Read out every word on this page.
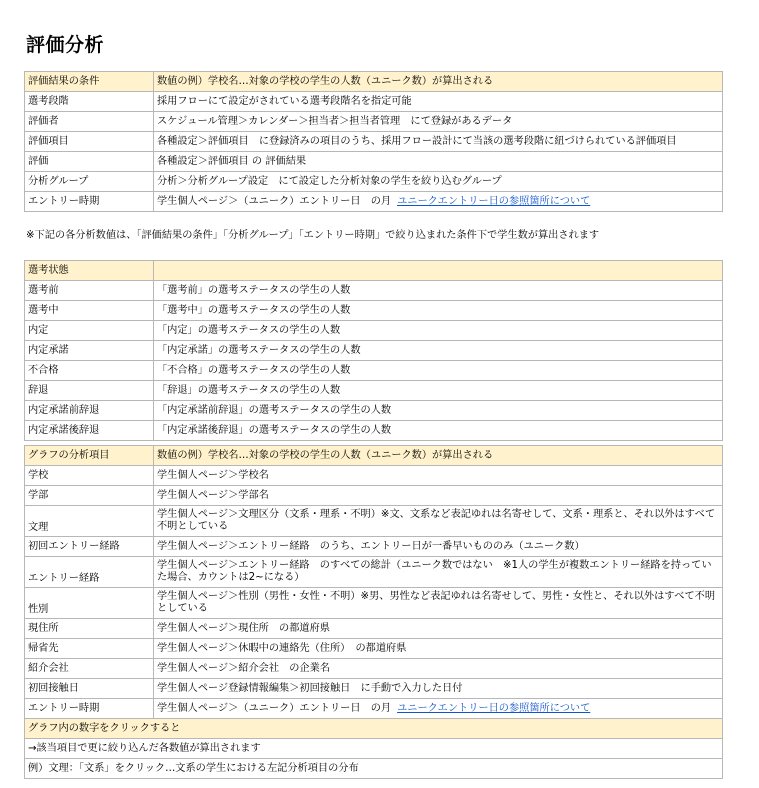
評価分析
評価結果の条件	数値の例）学校名…対象の学校の学生の人数（ユニーク数）が算出される
選考段階	採用フローにて設定がされている選考段階名を指定可能
評価者	スケジュール管理＞カレンダー＞担当者＞担当者管理　にて登録があるデータ
評価項目	各種設定＞評価項目　に登録済みの項目のうち、採用フロー設計にて当該の選考段階に紐づけられている評価項目
評価	各種設定＞評価項目 の 評価結果
分析グループ	分析＞分析グループ設定　にて設定した分析対象の学生を絞り込むグループ
エントリー時期	学生個人ページ＞（ユニーク）エントリー日　の月 ユニークエントリー日の参照箇所について
※下記の各分析数値は、「評価結果の条件」「分析グループ」「エントリー時期」で絞り込まれた条件下で学生数が算出されます
選考状態	
選考前	「選考前」の選考ステータスの学生の人数
選考中	「選考中」の選考ステータスの学生の人数
内定	「内定」の選考ステータスの学生の人数
内定承諾	「内定承諾」の選考ステータスの学生の人数
不合格	「不合格」の選考ステータスの学生の人数
辞退	「辞退」の選考ステータスの学生の人数
内定承諾前辞退	「内定承諾前辞退」の選考ステータスの学生の人数
内定承諾後辞退	「内定承諾後辞退」の選考ステータスの学生の人数
グラフの分析項目	数値の例）学校名…対象の学校の学生の人数（ユニーク数）が算出される
学校	学生個人ページ＞学校名
学部	学生個人ページ＞学部名
文理	学生個人ページ＞文理区分（文系・理系・不明）※文、文系など表記ゆれは名寄せして、文系・理系と、それ以外はすべて不明としている
初回エントリー経路	学生個人ページ＞エントリー経路　のうち、エントリー日が一番早いもののみ（ユニーク数）
エントリー経路	学生個人ページ＞エントリー経路　のすべての総計（ユニーク数ではない　※1人の学生が複数エントリー経路を持っていた場合、カウントは2~になる）
性別	学生個人ページ＞性別（男性・女性・不明）※男、男性など表記ゆれは名寄せして、男性・女性と、それ以外はすべて不明としている
現住所	学生個人ページ＞現住所　の都道府県
帰省先	学生個人ページ＞休暇中の連絡先（住所）　の都道府県
紹介会社	学生個人ページ＞紹介会社　の企業名
初回接触日	学生個人ページ登録情報編集＞初回接触日　に手動で入力した日付
エントリー時期	学生個人ページ＞（ユニーク）エントリー日　の月 ユニークエントリー日の参照箇所について
グラフ内の数字をクリックすると	
→該当項目で更に絞り込んだ各数値が算出されます	
例）文理：「文系」をクリック…文系の学生における左記分析項目の分布	
